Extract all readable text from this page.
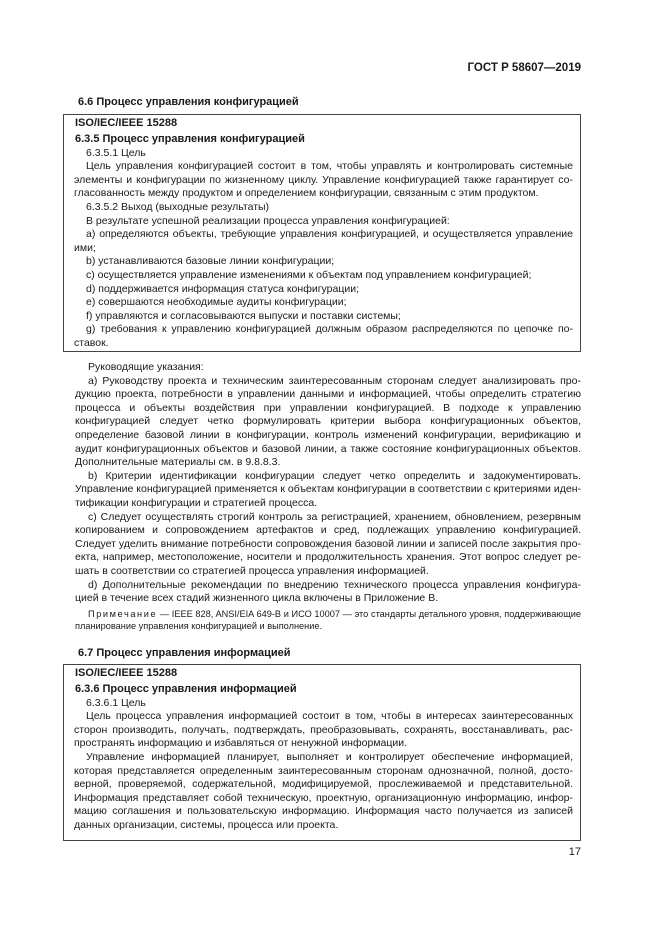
ГОСТ Р 58607—2019
6.6 Процесс управления конфигурацией
ISO/IEC/IEEE 15288
6.3.5 Процесс управления конфигурацией
6.3.5.1 Цель
Цель управления конфигурацией состоит в том, чтобы управлять и контролировать системные элементы и конфигурации по жизненному циклу. Управление конфигурацией также гарантирует согласованность между продуктом и определением конфигурации, связанным с этим продуктом.
6.3.5.2 Выход (выходные результаты)
В результате успешной реализации процесса управления конфигурацией:
a) определяются объекты, требующие управления конфигурацией, и осуществляется управление ими;
b) устанавливаются базовые линии конфигурации;
c) осуществляется управление изменениями к объектам под управлением конфигурацией;
d) поддерживается информация статуса конфигурации;
e) совершаются необходимые аудиты конфигурации;
f) управляются и согласовываются выпуски и поставки системы;
g) требования к управлению конфигурацией должным образом распределяются по цепочке поставок.
Руководящие указания:
a) Руководству проекта и техническим заинтересованным сторонам следует анализировать продукцию проекта, потребности в управлении данными и информацией, чтобы определить стратегию процесса и объекты воздействия при управлении конфигурацией. В подходе к управлению конфигурацией следует четко формулировать критерии выбора конфигурационных объектов, определение базовой линии в конфигурации, контроль изменений конфигурации, верификацию и аудит конфигурационных объектов и базовой линии, а также состояние конфигурационных объектов. Дополнительные материалы см. в 9.8.8.3.
b) Критерии идентификации конфигурации следует четко определить и задокументировать. Управление конфигурацией применяется к объектам конфигурации в соответствии с критериями идентификации конфигурации и стратегией процесса.
c) Следует осуществлять строгий контроль за регистрацией, хранением, обновлением, резервным копированием и сопровождением артефактов и сред, подлежащих управлению конфигурацией. Следует уделить внимание потребности сопровождения базовой линии и записей после закрытия проекта, например, местоположение, носители и продолжительность хранения. Этот вопрос следует решать в соответствии со стратегией процесса управления информацией.
d) Дополнительные рекомендации по внедрению технического процесса управления конфигурацией в течение всех стадий жизненного цикла включены в Приложение В.
Примечание — IEEE 828, ANSI/EIA 649-B и ИСО 10007 — это стандарты детального уровня, поддерживающие планирование управления конфигурацией и выполнение.
6.7 Процесс управления информацией
ISO/IEC/IEEE 15288
6.3.6 Процесс управления информацией
6.3.6.1 Цель
Цель процесса управления информацией состоит в том, чтобы в интересах заинтересованных сторон производить, получать, подтверждать, преобразовывать, сохранять, восстанавливать, распространять информацию и избавляться от ненужной информации.
Управление информацией планирует, выполняет и контролирует обеспечение информацией, которая представляется определенным заинтересованным сторонам однозначной, полной, достоверной, проверяемой, содержательной, модифицируемой, прослеживаемой и представительной. Информация представляет собой техническую, проектную, организационную информацию, информацию соглашения и пользовательскую информацию. Информация часто получается из записей данных организации, системы, процесса или проекта.
17
